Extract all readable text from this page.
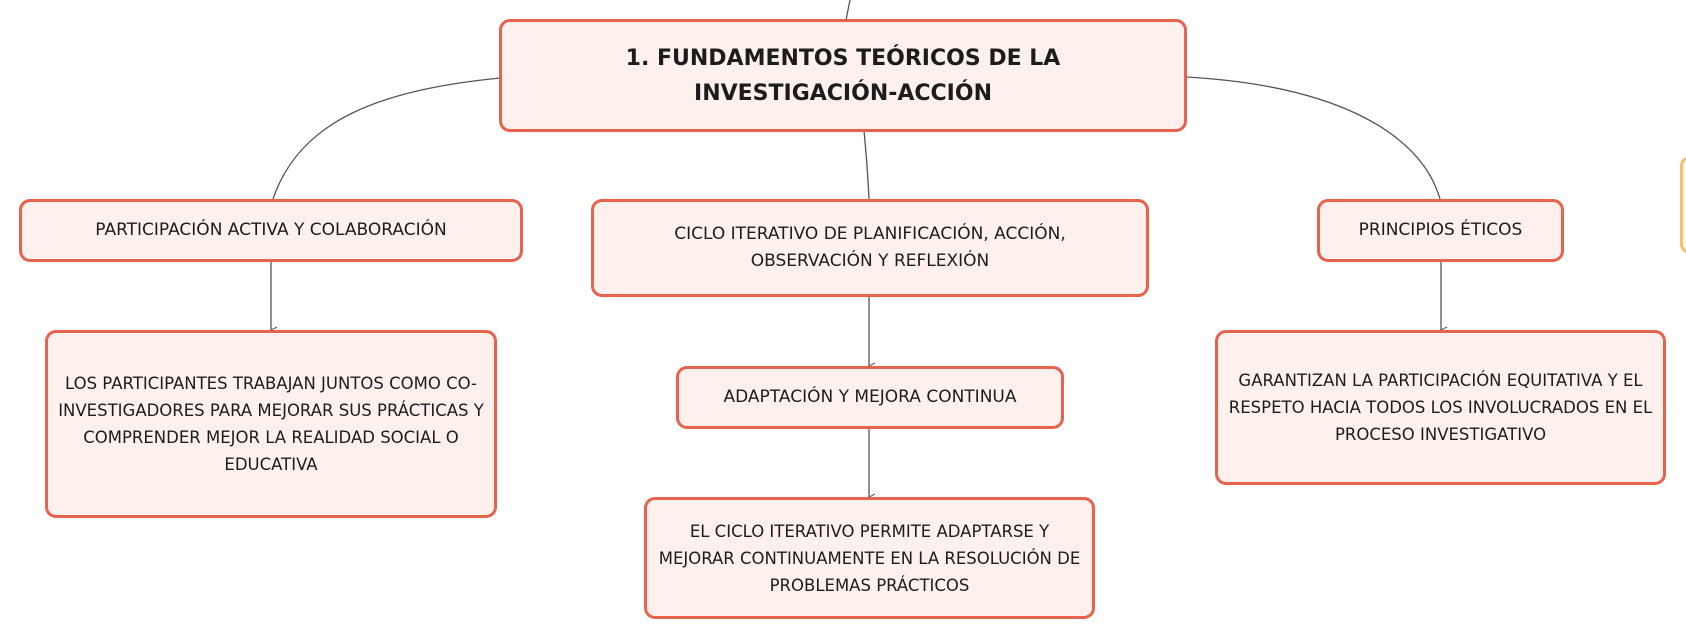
1. FUNDAMENTOS TEÓRICOS DE LA INVESTIGACIÓN-ACCIÓN
PARTICIPACIÓN ACTIVA Y COLABORACIÓN
LOS PARTICIPANTES TRABAJAN JUNTOS COMO CO-INVESTIGADORES PARA MEJORAR SUS PRÁCTICAS Y COMPRENDER MEJOR LA REALIDAD SOCIAL O EDUCATIVA
CICLO ITERATIVO DE PLANIFICACIÓN, ACCIÓN, OBSERVACIÓN Y REFLEXIÓN
ADAPTACIÓN Y MEJORA CONTINUA
EL CICLO ITERATIVO PERMITE ADAPTARSE Y MEJORAR CONTINUAMENTE EN LA RESOLUCIÓN DE PROBLEMAS PRÁCTICOS
PRINCIPIOS ÉTICOS
GARANTIZAN LA PARTICIPACIÓN EQUITATIVA Y EL RESPETO HACIA TODOS LOS INVOLUCRADOS EN EL PROCESO INVESTIGATIVO
